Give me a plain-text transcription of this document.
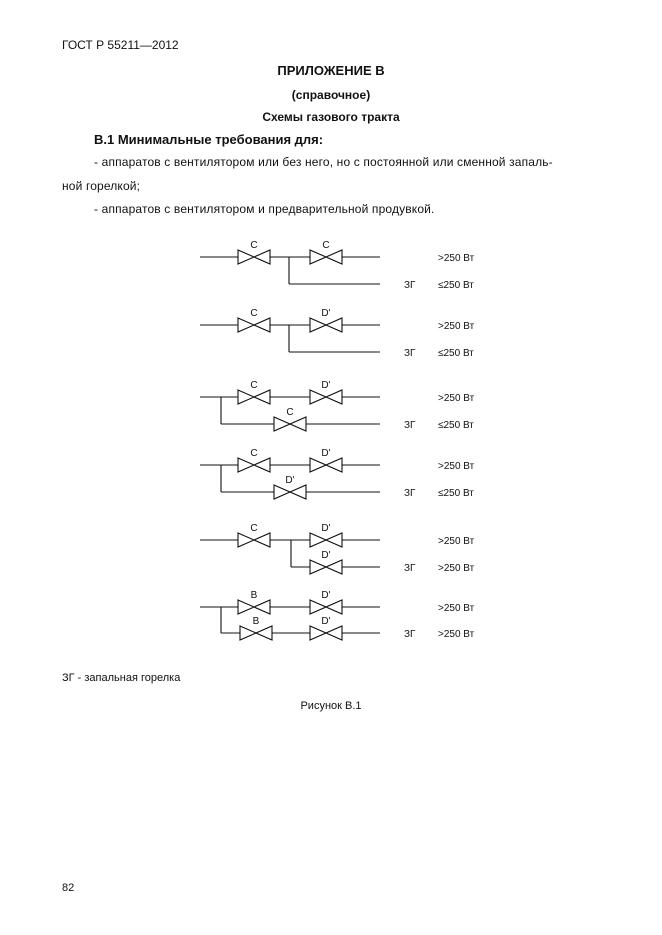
ГОСТ Р 55211—2012
ПРИЛОЖЕНИЕ В
(справочное)
Схемы газового тракта
В.1 Минимальные требования для:
- аппаратов с вентилятором или без него, но с постоянной или сменной запаль-
ной горелкой;
- аппаратов с вентилятором и предварительной продувкой.
C	C
>250 Вт
ЗГ ≤250 Вт
C	D'
>250 Вт
ЗГ ≤250 Вт
C	D'
C
>250 Вт
ЗГ ≤250 Вт
C	D'
D'
>250 Вт
ЗГ ≤250 Вт
C	D'
D'
>250 Вт
ЗГ >250 Вт
B	D'
B	D'
>250 Вт
ЗГ >250 Вт
ЗГ - запальная горелка
Рисунок В.1
82
